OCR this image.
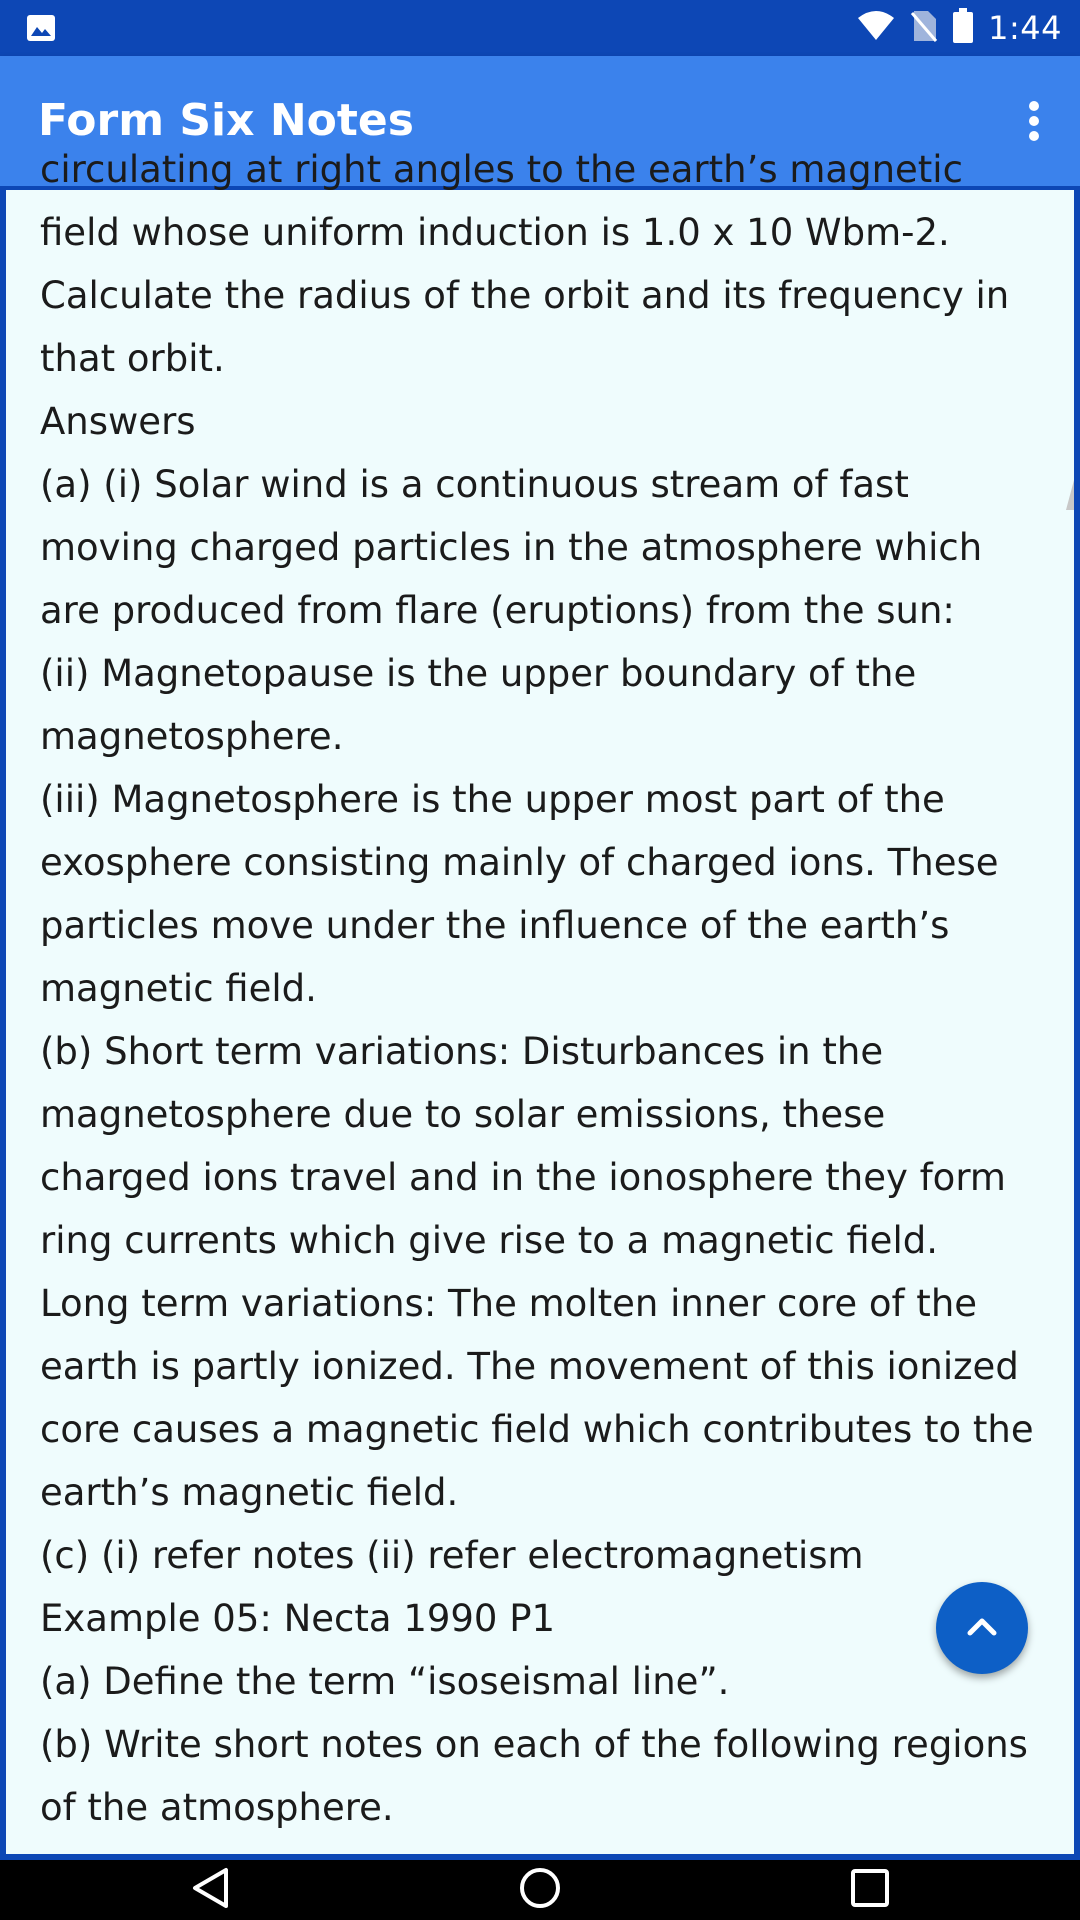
1:44
Form Six Notes
circulating at right angles to the earth’s magnetic
field whose uniform induction is 1.0 x 10 Wbm-2.
Calculate the radius of the orbit and its frequency in
that orbit.
Answers
(a) (i) Solar wind is a continuous stream of fast
moving charged particles in the atmosphere which
are produced from flare (eruptions) from the sun:
(ii) Magnetopause is the upper boundary of the
magnetosphere.
(iii) Magnetosphere is the upper most part of the
exosphere consisting mainly of charged ions. These
particles move under the influence of the earth’s
magnetic field.
(b) Short term variations: Disturbances in the
magnetosphere due to solar emissions, these
charged ions travel and in the ionosphere they form
ring currents which give rise to a magnetic field.
Long term variations: The molten inner core of the
earth is partly ionized. The movement of this ionized
core causes a magnetic field which contributes to the
earth’s magnetic field.
(c) (i) refer notes (ii) refer electromagnetism
Example 05: Necta 1990 P1
(a) Define the term “isoseismal line”.
(b) Write short notes on each of the following regions
of the atmosphere.
